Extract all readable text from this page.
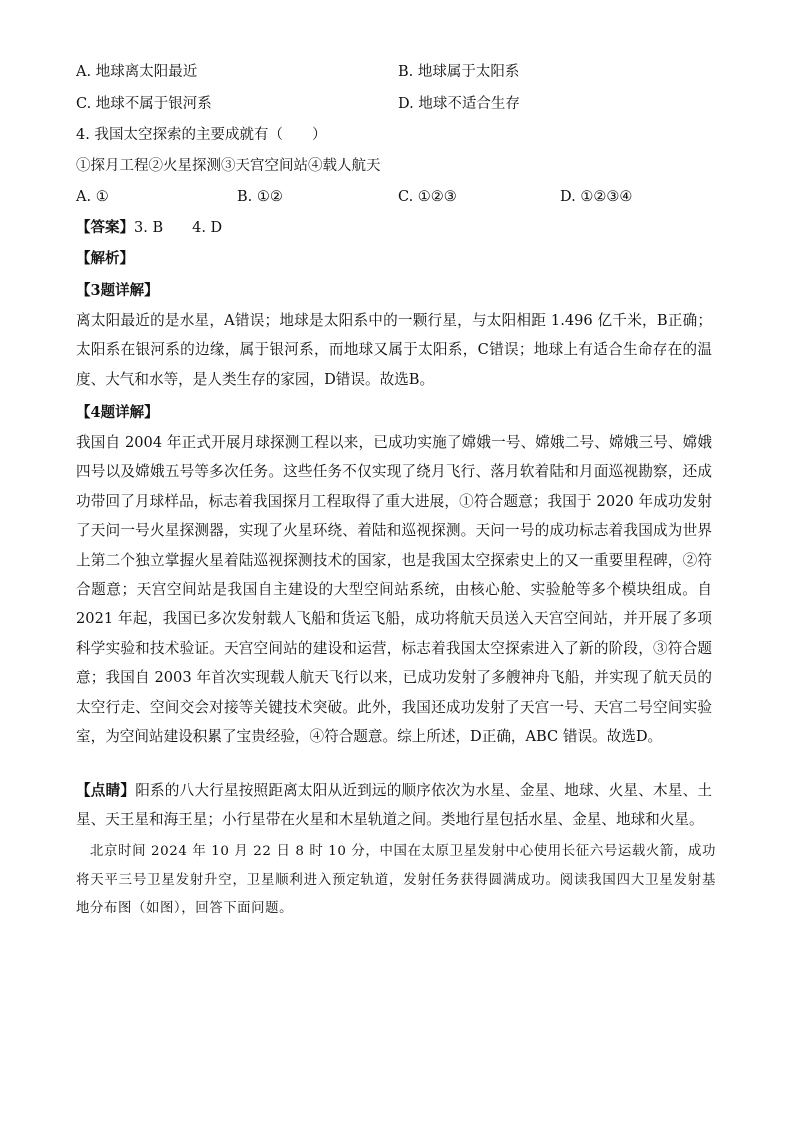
A. 地球离太阳最近	B. 地球属于太阳系
C. 地球不属于银河系	D. 地球不适合生存
4. 我国太空探索的主要成就有（　　）
①探月工程②火星探测③天宫空间站④载人航天
A. ①	B. ①②	C. ①②③	D. ①②③④
【答案】3. B　　4. D
【解析】
【3题详解】
离太阳最近的是水星，A错误；地球是太阳系中的一颗行星，与太阳相距 1.496 亿千米，B正确；太阳系在银河系的边缘，属于银河系，而地球又属于太阳系，C错误；地球上有适合生命存在的温度、大气和水等，是人类生存的家园，D错误。故选B。
【4题详解】
我国自 2004 年正式开展月球探测工程以来，已成功实施了嫦娥一号、嫦娥二号、嫦娥三号、嫦娥四号以及嫦娥五号等多次任务。这些任务不仅实现了绕月飞行、落月软着陆和月面巡视勘察，还成功带回了月球样品，标志着我国探月工程取得了重大进展，①符合题意；我国于 2020 年成功发射了天问一号火星探测器，实现了火星环绕、着陆和巡视探测。天问一号的成功标志着我国成为世界上第二个独立掌握火星着陆巡视探测技术的国家，也是我国太空探索史上的又一重要里程碑，②符合题意；天宫空间站是我国自主建设的大型空间站系统，由核心舱、实验舱等多个模块组成。自 2021 年起，我国已多次发射载人飞船和货运飞船，成功将航天员送入天宫空间站，并开展了多项科学实验和技术验证。天宫空间站的建设和运营，标志着我国太空探索进入了新的阶段，③符合题意；我国自 2003 年首次实现载人航天飞行以来，已成功发射了多艘神舟飞船，并实现了航天员的太空行走、空间交会对接等关键技术突破。此外，我国还成功发射了天宫一号、天宫二号空间实验室，为空间站建设积累了宝贵经验，④符合题意。综上所述，D正确，ABC 错误。故选D。
【点睛】阳系的八大行星按照距离太阳从近到远的顺序依次为水星、金星、地球、火星、木星、土星、天王星和海王星；小行星带在火星和木星轨道之间。类地行星包括水星、金星、地球和火星。
北京时间 2024 年 10 月 22 日 8 时 10 分，中国在太原卫星发射中心使用长征六号运载火箭，成功将天平三号卫星发射升空，卫星顺利进入预定轨道，发射任务获得圆满成功。阅读我国四大卫星发射基地分布图（如图），回答下面问题。
